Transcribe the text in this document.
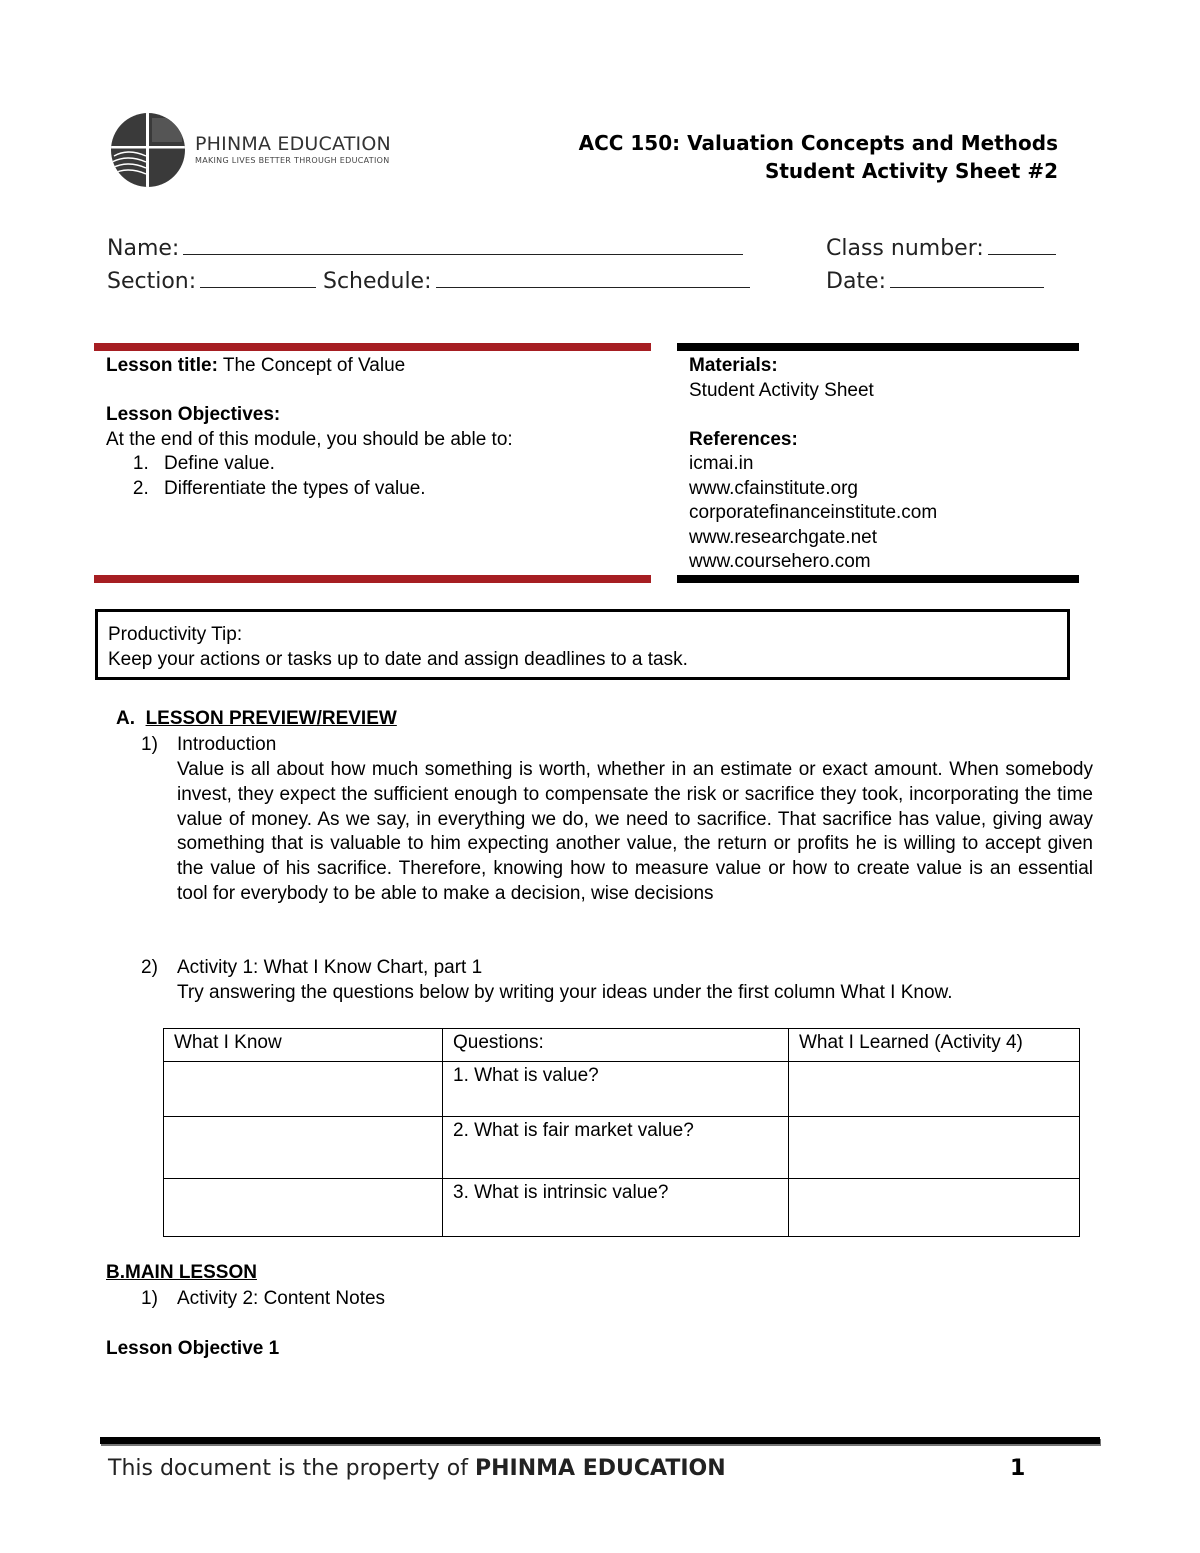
PHINMA EDUCATION
MAKING LIVES BETTER THROUGH EDUCATION
ACC 150: Valuation Concepts and Methods
Student Activity Sheet #2
Name:	Class number:
Section:	Schedule:	Date:
Lesson title: The Concept of Value
Lesson Objectives:
At the end of this module, you should be able to:
1. Define value.
2. Differentiate the types of value.
Materials:
Student Activity Sheet
References:
icmai.in
www.cfainstitute.org
corporatefinanceinstitute.com
www.researchgate.net
www.coursehero.com
Productivity Tip:
Keep your actions or tasks up to date and assign deadlines to a task.
A. LESSON PREVIEW/REVIEW
1) Introduction
Value is all about how much something is worth, whether in an estimate or exact amount. When somebody invest, they expect the sufficient enough to compensate the risk or sacrifice they took, incorporating the time value of money. As we say, in everything we do, we need to sacrifice. That sacrifice has value, giving away something that is valuable to him expecting another value, the return or profits he is willing to accept given the value of his sacrifice. Therefore, knowing how to measure value or how to create value is an essential tool for everybody to be able to make a decision, wise decisions
2) Activity 1: What I Know Chart, part 1
Try answering the questions below by writing your ideas under the first column What I Know.
What I Know	Questions:	What I Learned (Activity 4)
	1. What is value?	
	2. What is fair market value?	
	3. What is intrinsic value?	
B.MAIN LESSON
1) Activity 2: Content Notes
Lesson Objective 1
This document is the property of PHINMA EDUCATION	1
